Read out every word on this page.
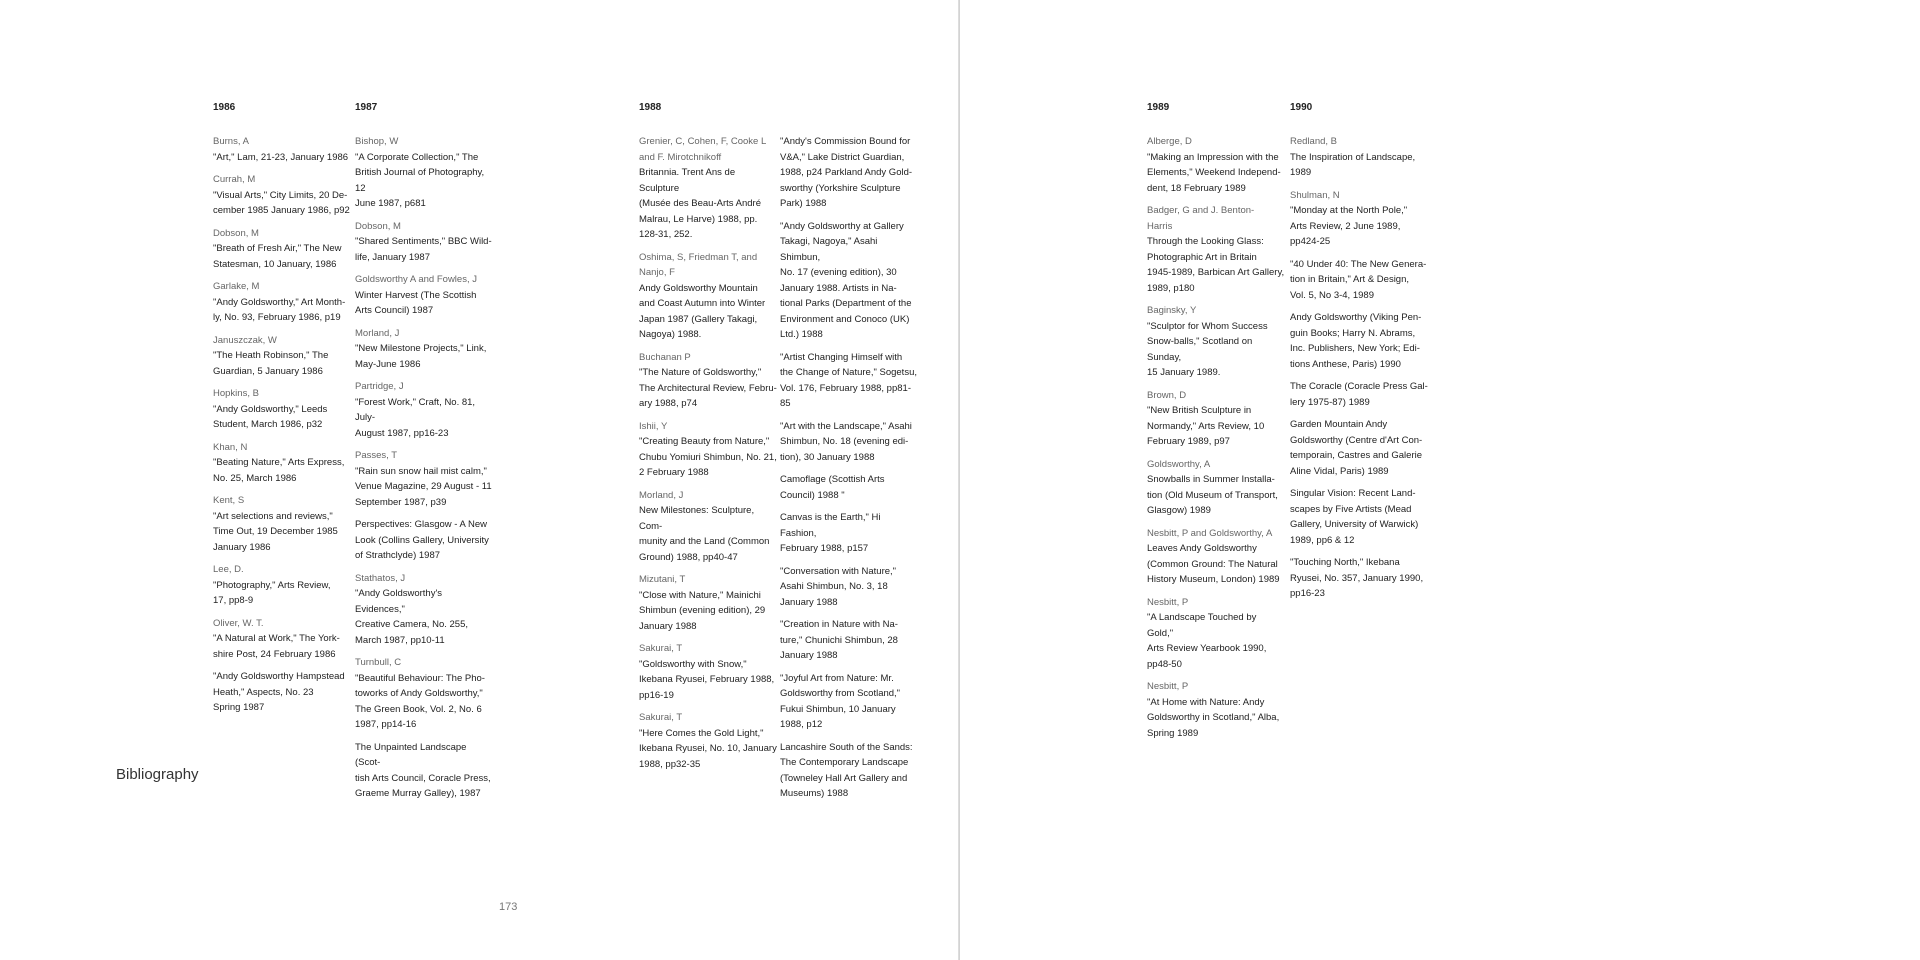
1986
Burns, A
"Art," Lam, 21-23, January 1986
Currah, M
"Visual Arts," City Limits, 20 De-
cember 1985 January 1986, p92
Dobson, M
"Breath of Fresh Air," The New
Statesman, 10 January, 1986
Garlake, M
"Andy Goldsworthy," Art Month-
ly, No. 93, February 1986, p19
Januszczak, W
"The Heath Robinson," The
Guardian, 5 January 1986
Hopkins, B
"Andy Goldsworthy," Leeds
Student, March 1986, p32
Khan, N
"Beating Nature," Arts Express,
No. 25, March 1986
Kent, S
"Art selections and reviews,"
Time Out, 19 December 1985
January 1986
Lee, D.
"Photography," Arts Review,
17, pp8-9
Oliver, W. T.
"A Natural at Work," The York-
shire Post, 24 February 1986
"Andy Goldsworthy Hampstead
Heath," Aspects, No. 23
Spring 1987
1987
Bishop, W
"A Corporate Collection," The
British Journal of Photography, 12
June 1987, p681
Dobson, M
"Shared Sentiments," BBC Wild-
life, January 1987
Goldsworthy A and Fowles, J
Winter Harvest (The Scottish
Arts Council) 1987
Morland, J
"New Milestone Projects," Link,
May-June 1986
Partridge, J
"Forest Work," Craft, No. 81, July-
August 1987, pp16-23
Passes, T
"Rain sun snow hail mist calm,"
Venue Magazine, 29 August - 11
September 1987, p39
Perspectives: Glasgow - A New
Look (Collins Gallery, University
of Strathclyde) 1987
Stathatos, J
"Andy Goldsworthy's Evidences,"
Creative Camera, No. 255,
March 1987, pp10-11
Turnbull, C
"Beautiful Behaviour: The Pho-
toworks of Andy Goldsworthy,"
The Green Book, Vol. 2, No. 6
1987, pp14-16
The Unpainted Landscape (Scot-
tish Arts Council, Coracle Press,
Graeme Murray Galley), 1987
1988
Grenier, C, Cohen, F, Cooke L
and F. Mirotchnikoff
Britannia. Trent Ans de Sculpture
(Musée des Beau-Arts André
Malrau, Le Harve) 1988, pp.
128-31, 252.
Oshima, S, Friedman T, and
Nanjo, F
Andy Goldsworthy Mountain
and Coast Autumn into Winter
Japan 1987 (Gallery Takagi,
Nagoya) 1988.
Buchanan P
"The Nature of Goldsworthy,"
The Architectural Review, Febru-
ary 1988, p74
Ishii, Y
"Creating Beauty from Nature,"
Chubu Yomiuri Shimbun, No. 21,
2 February 1988
Morland, J
New Milestones: Sculpture, Com-
munity and the Land (Common
Ground) 1988, pp40-47
Mizutani, T
"Close with Nature," Mainichi
Shimbun (evening edition), 29
January 1988
Sakurai, T
"Goldsworthy with Snow,"
Ikebana Ryusei, February 1988,
pp16-19
Sakurai, T
"Here Comes the Gold Light,"
Ikebana Ryusei, No. 10, January
1988, pp32-35
"Andy's Commission Bound for
V&A," Lake District Guardian,
1988, p24 Parkland Andy Gold-
sworthy (Yorkshire Sculpture
Park) 1988
"Andy Goldsworthy at Gallery
Takagi, Nagoya," Asahi Shimbun,
No. 17 (evening edition), 30
January 1988. Artists in Na-
tional Parks (Department of the
Environment and Conoco (UK)
Ltd.) 1988
"Artist Changing Himself with
the Change of Nature," Sogetsu,
Vol. 176, February 1988, pp81-85
"Art with the Landscape," Asahi
Shimbun, No. 18 (evening edi-
tion), 30 January 1988
Camoflage (Scottish Arts
Council) 1988 "
Canvas is the Earth," Hi Fashion,
February 1988, p157
"Conversation with Nature,"
Asahi Shimbun, No. 3, 18
January 1988
"Creation in Nature with Na-
ture," Chunichi Shimbun, 28
January 1988
"Joyful Art from Nature: Mr.
Goldsworthy from Scotland,"
Fukui Shimbun, 10 January
1988, p12
Lancashire South of the Sands:
The Contemporary Landscape
(Towneley Hall Art Gallery and
Museums) 1988
Bibliography
173
1989
Alberge, D
"Making an Impression with the
Elements," Weekend Independ-
dent, 18 February 1989
Badger, G and J. Benton-
Harris
Through the Looking Glass:
Photographic Art in Britain
1945-1989, Barbican Art Gallery,
1989, p180
Baginsky, Y
"Sculptor for Whom Success
Snow-balls," Scotland on Sunday,
15 January 1989.
Brown, D
"New British Sculpture in
Normandy," Arts Review, 10
February 1989, p97
Goldsworthy, A
Snowballs in Summer Installa-
tion (Old Museum of Transport,
Glasgow) 1989
Nesbitt, P and Goldsworthy, A
Leaves Andy Goldsworthy
(Common Ground: The Natural
History Museum, London) 1989
Nesbitt, P
"A Landscape Touched by Gold,"
Arts Review Yearbook 1990,
pp48-50
Nesbitt, P
"At Home with Nature: Andy
Goldsworthy in Scotland," Alba,
Spring 1989
1990
Redland, B
The Inspiration of Landscape,
1989
Shulman, N
"Monday at the North Pole,"
Arts Review, 2 June 1989,
pp424-25
"40 Under 40: The New Genera-
tion in Britain," Art & Design,
Vol. 5, No 3-4, 1989
Andy Goldsworthy (Viking Pen-
guin Books; Harry N. Abrams,
Inc. Publishers, New York; Edi-
tions Anthese, Paris) 1990
The Coracle (Coracle Press Gal-
lery 1975-87) 1989
Garden Mountain Andy
Goldsworthy (Centre d'Art Con-
temporain, Castres and Galerie
Aline Vidal, Paris) 1989
Singular Vision: Recent Land-
scapes by Five Artists (Mead
Gallery, University of Warwick)
1989, pp6 & 12
"Touching North," Ikebana
Ryusei, No. 357, January 1990,
pp16-23
